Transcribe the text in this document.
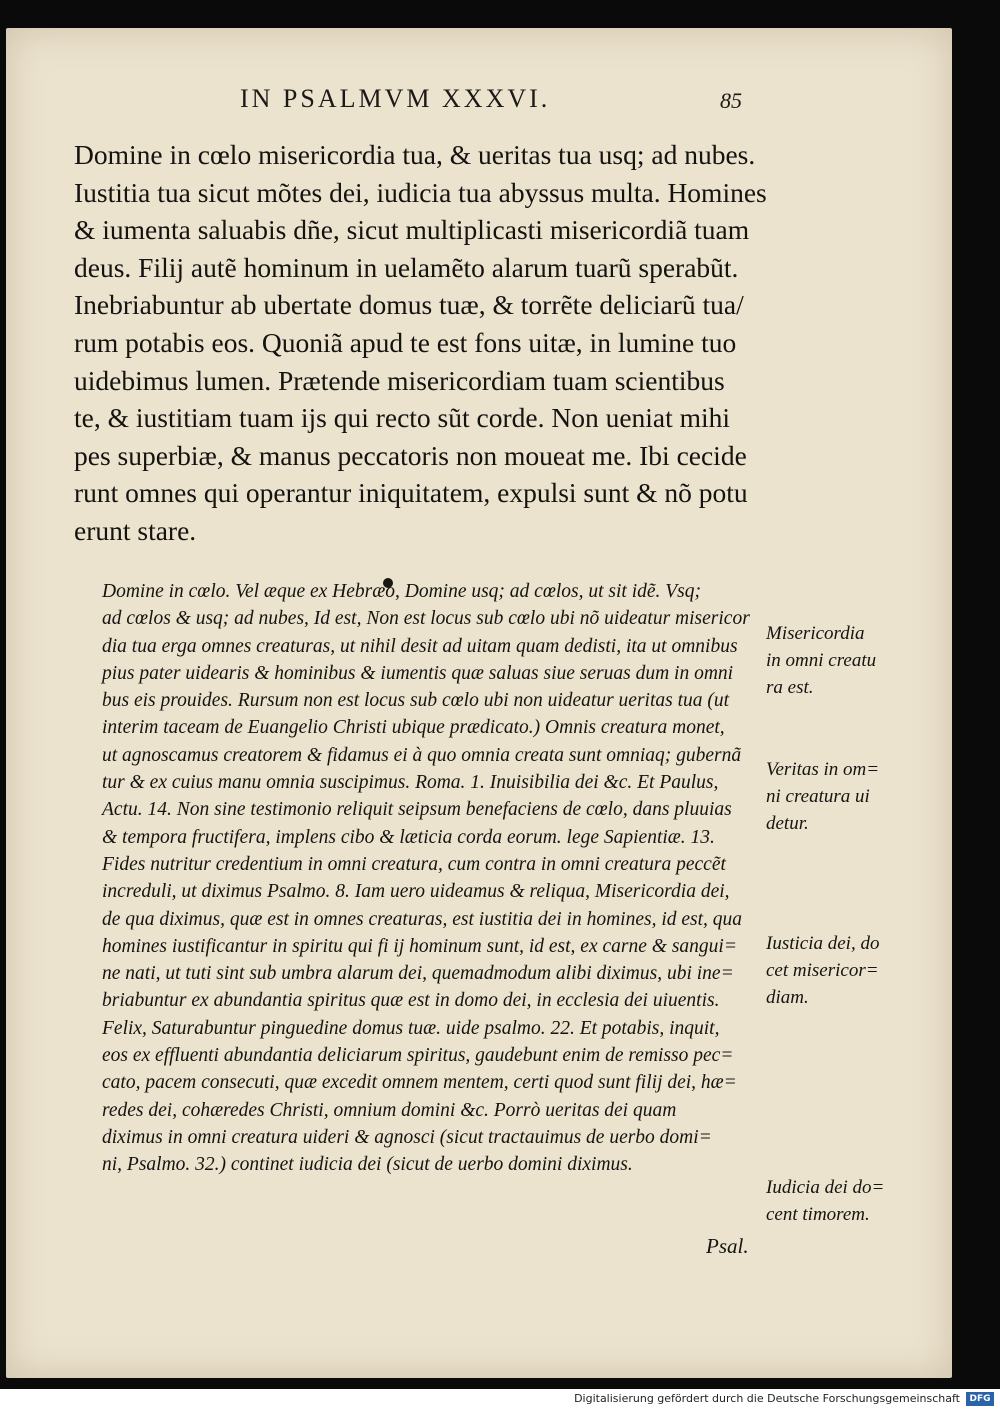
IN PSALMVM XXXVI.	85
Domine in cœlo misericordia tua, & ueritas tua usq; ad nubes.
Iustitia tua sicut mõtes dei, iudicia tua abyssus multa. Homines
& iumenta saluabis dñe, sicut multiplicasti misericordiã tuam
deus. Filij autẽ hominum in uelamẽto alarum tuarũ sperabũt.
Inebriabuntur ab ubertate domus tuæ, & torrẽte deliciarũ tua/
rum potabis eos. Quoniã apud te est fons uitæ, in lumine tuo
uidebimus lumen. Prætende misericordiam tuam scientibus
te, & iustitiam tuam ijs qui recto sũt corde. Non ueniat mihi
pes superbiæ, & manus peccatoris non moueat me. Ibi cecide
runt omnes qui operantur iniquitatem, expulsi sunt & nõ potu
erunt stare.
Domine in cœlo. Vel æque ex Hebræo, Domine usq; ad cœlos, ut sit idẽ. Vsq;
ad cœlos & usq; ad nubes, Id est, Non est locus sub cœlo ubi nõ uideatur misericor
dia tua erga omnes creaturas, ut nihil desit ad uitam quam dedisti, ita ut omnibus
pius pater uidearis & hominibus & iumentis quæ saluas siue seruas dum in omni
bus eis prouides. Rursum non est locus sub cœlo ubi non uideatur ueritas tua (ut
interim taceam de Euangelio Christi ubique prædicato.) Omnis creatura monet,
ut agnoscamus creatorem & fidamus ei à quo omnia creata sunt omniaq; gubernã
tur & ex cuius manu omnia suscipimus. Roma. 1. Inuisibilia dei &c. Et Paulus,
Actu. 14. Non sine testimonio reliquit seipsum benefaciens de cœlo, dans pluuias
& tempora fructifera, implens cibo & læticia corda eorum. lege Sapientiæ. 13.
Fides nutritur credentium in omni creatura, cum contra in omni creatura peccẽt
increduli, ut diximus Psalmo. 8. Iam uero uideamus & reliqua, Misericordia dei,
de qua diximus, quæ est in omnes creaturas, est iustitia dei in homines, id est, qua
homines iustificantur in spiritu qui fi ij hominum sunt, id est, ex carne & sangui=
ne nati, ut tuti sint sub umbra alarum dei, quemadmodum alibi diximus, ubi ine=
briabuntur ex abundantia spiritus quæ est in domo dei, in ecclesia dei uiuentis.
Felix, Saturabuntur pinguedine domus tuæ. uide psalmo. 22. Et potabis, inquit,
eos ex effluenti abundantia deliciarum spiritus, gaudebunt enim de remisso pec=
cato, pacem consecuti, quæ excedit omnem mentem, certi quod sunt filij dei, hæ=
redes dei, cohæredes Christi, omnium domini &c. Porrò ueritas dei quam
diximus in omni creatura uideri & agnosci (sicut tractauimus de uerbo domi=
ni, Psalmo. 32.) continet iudicia dei (sicut de uerbo domini diximus.
Misericordia
in omni creatu
ra est.
Veritas in om=
ni creatura ui
detur.
Iusticia dei, do
cet misericor=
diam.
Iudicia dei do=
cent timorem.
Psal.
Digitalisierung gefördert durch die Deutsche Forschungsgemeinschaft	DFG
